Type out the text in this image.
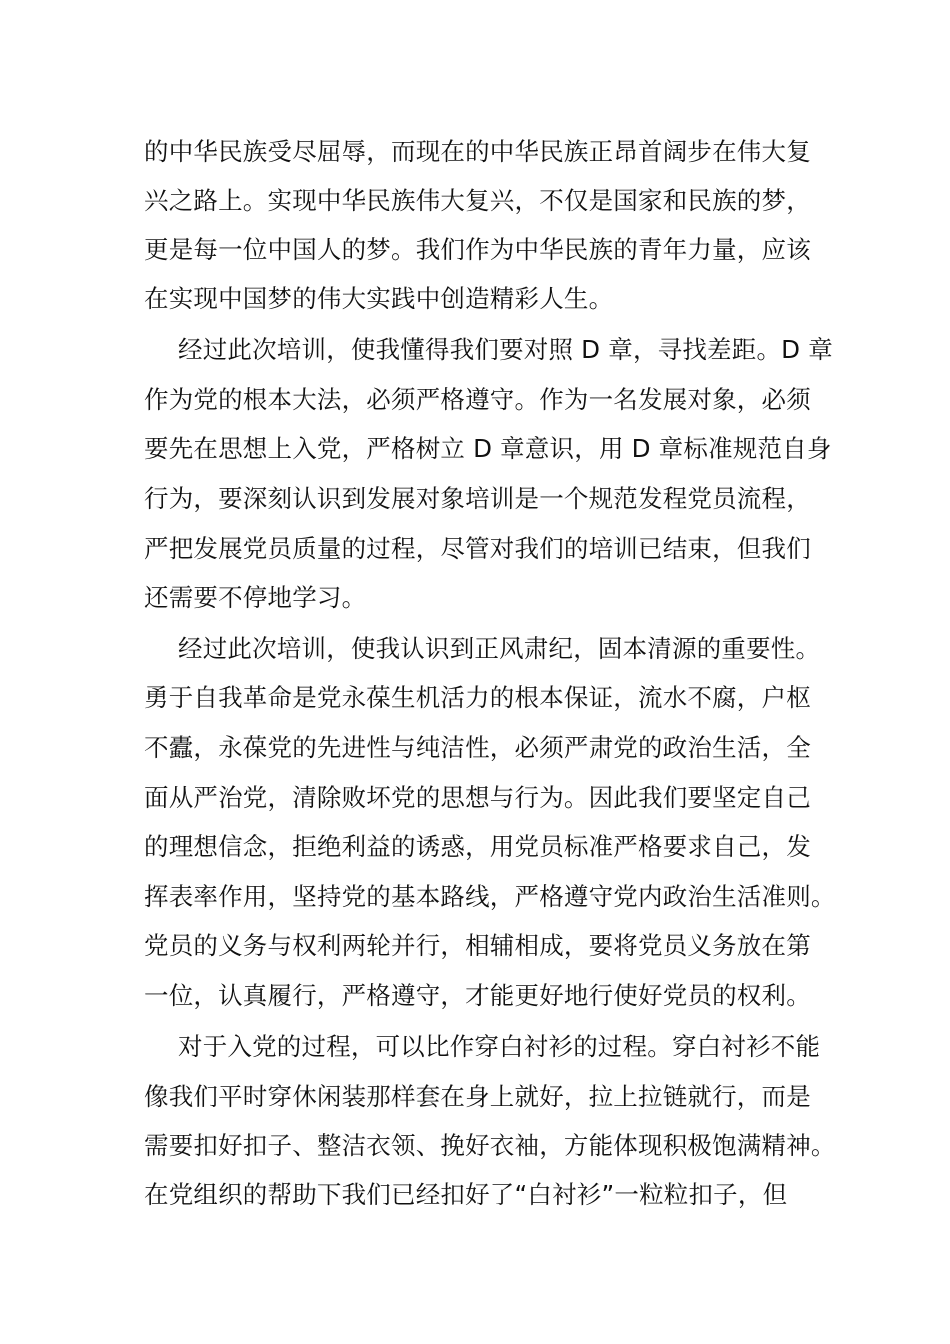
的中华民族受尽屈辱，而现在的中华民族正昂首阔步在伟大复
兴之路上。实现中华民族伟大复兴，不仅是国家和民族的梦，
更是每一位中国人的梦。我们作为中华民族的青年力量，应该
在实现中国梦的伟大实践中创造精彩人生。
经过此次培训，使我懂得我们要对照 D 章，寻找差距。D 章
作为党的根本大法，必须严格遵守。作为一名发展对象，必须
要先在思想上入党，严格树立 D 章意识，用 D 章标准规范自身
行为，要深刻认识到发展对象培训是一个规范发程党员流程，
严把发展党员质量的过程，尽管对我们的培训已结束，但我们
还需要不停地学习。
经过此次培训，使我认识到正风肃纪，固本清源的重要性。
勇于自我革命是党永葆生机活力的根本保证，流水不腐，户枢
不蠹，永葆党的先进性与纯洁性，必须严肃党的政治生活，全
面从严治党，清除败坏党的思想与行为。因此我们要坚定自己
的理想信念，拒绝利益的诱惑，用党员标准严格要求自己，发
挥表率作用，坚持党的基本路线，严格遵守党内政治生活准则。
党员的义务与权利两轮并行，相辅相成，要将党员义务放在第
一位，认真履行，严格遵守，才能更好地行使好党员的权利。
对于入党的过程，可以比作穿白衬衫的过程。穿白衬衫不能
像我们平时穿休闲装那样套在身上就好，拉上拉链就行，而是
需要扣好扣子、整洁衣领、挽好衣袖，方能体现积极饱满精神。
在党组织的帮助下我们已经扣好了“白衬衫”一粒粒扣子，但
